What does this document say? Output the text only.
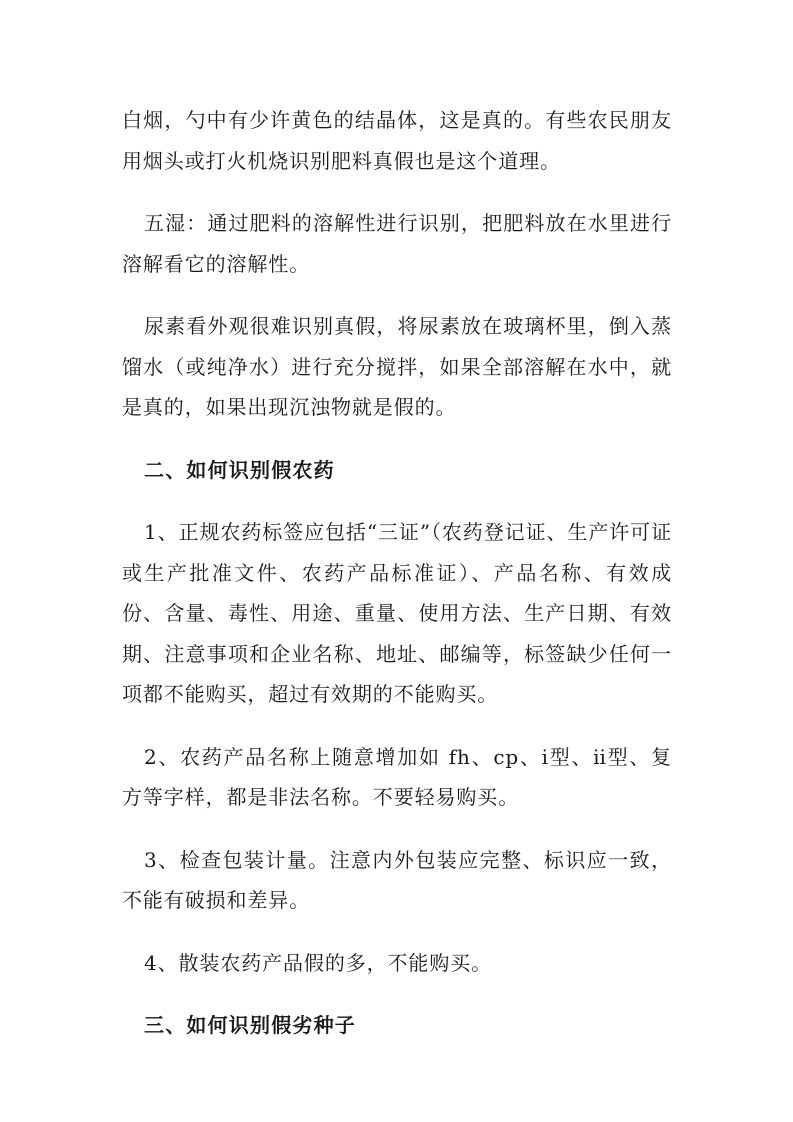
白烟，勺中有少许黄色的结晶体，这是真的。有些农民朋友用烟头或打火机烧识别肥料真假也是这个道理。

五湿：通过肥料的溶解性进行识别，把肥料放在水里进行溶解看它的溶解性。

尿素看外观很难识别真假，将尿素放在玻璃杯里，倒入蒸馏水（或纯净水）进行充分搅拌，如果全部溶解在水中，就是真的，如果出现沉浊物就是假的。

二、如何识别假农药

1、正规农药标签应包括“三证”（农药登记证、生产许可证或生产批准文件、农药产品标准证）、产品名称、有效成份、含量、毒性、用途、重量、使用方法、生产日期、有效期、注意事项和企业名称、地址、邮编等，标签缺少任何一项都不能购买，超过有效期的不能购买。

2、农药产品名称上随意增加如 fh、cp、ⅰ型、ⅱ型、复方等字样，都是非法名称。不要轻易购买。

3、检查包装计量。注意内外包装应完整、标识应一致，不能有破损和差异。

4、散装农药产品假的多，不能购买。

三、如何识别假劣种子
